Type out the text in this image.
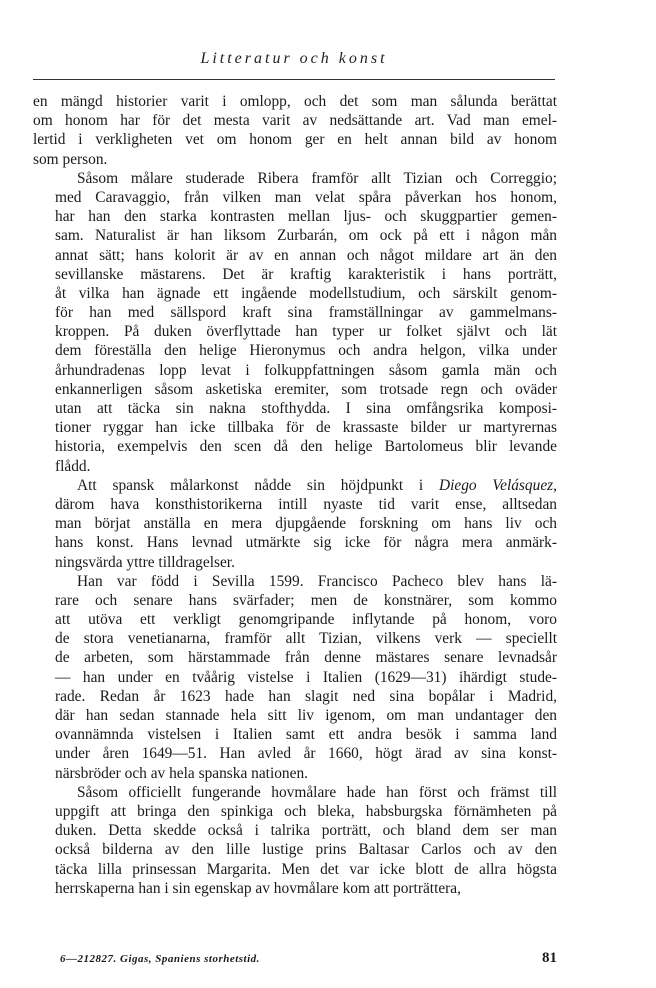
Litteratur och konst

en mängd historier varit i omlopp, och det som man sålunda berättat
om honom har för det mesta varit av nedsättande art. Vad man emel-
lertid i verkligheten vet om honom ger en helt annan bild av honom
som person.

Såsom målare studerade Ribera framför allt Tizian och Correggio;
med Caravaggio, från vilken man velat spåra påverkan hos honom,
har han den starka kontrasten mellan ljus- och skuggpartier gemen-
sam. Naturalist är han liksom Zurbarán, om ock på ett i någon mån
annat sätt; hans kolorit är av en annan och något mildare art än den
sevillanske mästarens. Det är kraftig karakteristik i hans porträtt,
åt vilka han ägnade ett ingående modellstudium, och särskilt genom-
för han med sällspord kraft sina framställningar av gammelmans-
kroppen. På duken överflyttade han typer ur folket självt och lät
dem föreställa den helige Hieronymus och andra helgon, vilka under
århundradenas lopp levat i folkuppfattningen såsom gamla män och
enkannerligen såsom asketiska eremiter, som trotsade regn och oväder
utan att täcka sin nakna stofthydda. I sina omfångsrika komposi-
tioner ryggar han icke tillbaka för de krassaste bilder ur martyrernas
historia, exempelvis den scen då den helige Bartolomeus blir levande
flådd.

Att spansk målarkonst nådde sin höjdpunkt i Diego Velásquez,
därom hava konsthistorikerna intill nyaste tid varit ense, alltsedan
man börjat anställa en mera djupgående forskning om hans liv och
hans konst. Hans levnad utmärkte sig icke för några mera anmärk-
ningsvärda yttre tilldragelser.

Han var född i Sevilla 1599. Francisco Pacheco blev hans lä-
rare och senare hans svärfader; men de konstnärer, som kommo
att utöva ett verkligt genomgripande inflytande på honom, voro
de stora venetianarna, framför allt Tizian, vilkens verk — speciellt
de arbeten, som härstammade från denne mästares senare levnadsår
— han under en tvåårig vistelse i Italien (1629—31) ihärdigt stude-
rade. Redan år 1623 hade han slagit ned sina bopålar i Madrid,
där han sedan stannade hela sitt liv igenom, om man undantager den
ovannämnda vistelsen i Italien samt ett andra besök i samma land
under åren 1649—51. Han avled år 1660, högt ärad av sina konst-
närsbröder och av hela spanska nationen.

Såsom officiellt fungerande hovmålare hade han först och främst till
uppgift att bringa den spinkiga och bleka, habsburgska förnämheten på
duken. Detta skedde också i talrika porträtt, och bland dem ser man
också bilderna av den lille lustige prins Baltasar Carlos och av den
täcka lilla prinsessan Margarita. Men det var icke blott de allra högsta
herrskaperna han i sin egenskap av hovmålare kom att porträttera,

6—212827. Gigas, Spaniens storhetstid.	81
